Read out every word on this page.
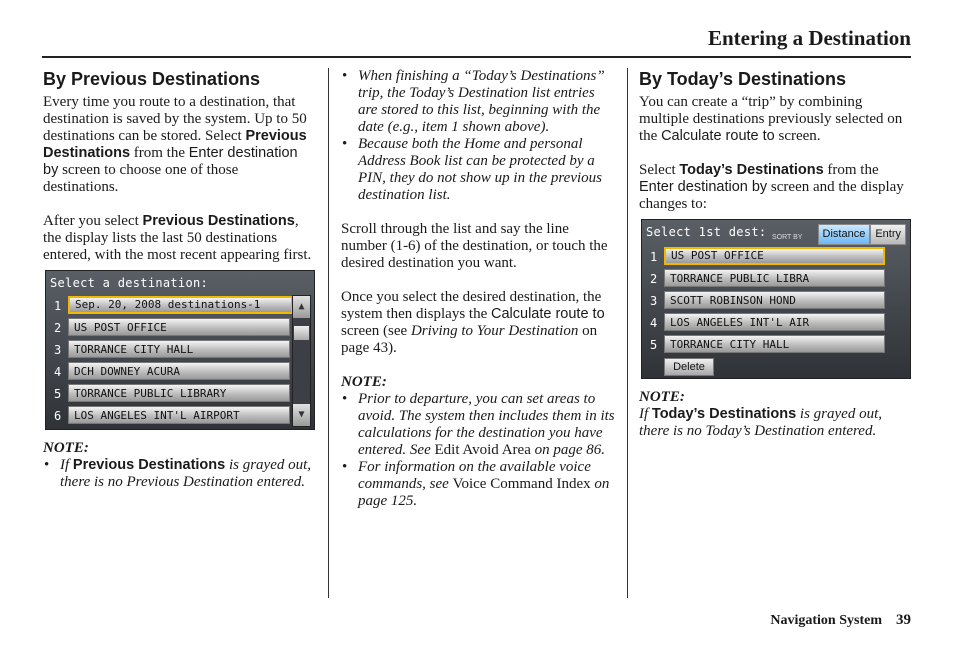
Entering a Destination
By Previous Destinations

Every time you route to a destination, that destination is saved by the system. Up to 50 destinations can be stored. Select Previous Destinations from the Enter destination by screen to choose one of those destinations.

After you select Previous Destinations, the display lists the last 50 destinations entered, with the most recent appearing first.

Select a destination:
1	Sep. 20, 2008 destinations-1
2	US POST OFFICE
3	TORRANCE CITY HALL
4	DCH DOWNEY ACURA
5	TORRANCE PUBLIC LIBRARY
6	LOS ANGELES INT'L AIRPORT
▲
▼

NOTE:

• If Previous Destinations is grayed out, there is no Previous Destination entered.
• When finishing a “Today’s Destinations” trip, the Today’s Destination list entries are stored to this list, beginning with the date (e.g., item 1 shown above).
• Because both the Home and personal Address Book list can be protected by a PIN, they do not show up in the previous destination list.

Scroll through the list and say the line number (1-6) of the destination, or touch the desired destination you want.

Once you select the desired destination, the system then displays the Calculate route to screen (see Driving to Your Destination on page 43).

NOTE:

• Prior to departure, you can set areas to avoid. The system then includes them in its calculations for the destination you have entered. See Edit Avoid Area on page 86.
• For information on the available voice commands, see Voice Command Index on page 125.
By Today’s Destinations

You can create a “trip” by combining multiple destinations previously selected on the Calculate route to screen.

Select Today’s Destinations from the Enter destination by screen and the display changes to:

Select 1st dest: SORT BY	Distance Entry
1	US POST OFFICE
2	TORRANCE PUBLIC LIBRA
3	SCOTT ROBINSON HOND
4	LOS ANGELES INT'L AIR
5	TORRANCE CITY HALL
Delete

NOTE:

If Today’s Destinations is grayed out, there is no Today’s Destination entered.

Navigation System 39
